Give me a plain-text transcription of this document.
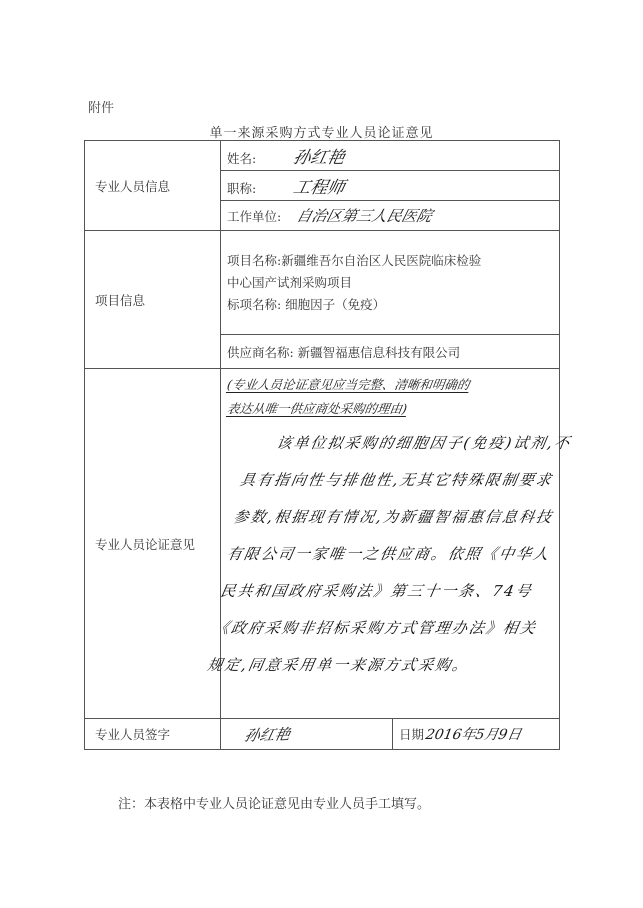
附件
单一来源采购方式专业人员论证意见
专业人员信息	姓名: 孙红艳
	职称: 工程师
	工作单位: 自治区第三人民医院
项目信息	项目名称:新疆维吾尔自治区人民医院临床检验
中心国产试剂采购项目
标项名称: 细胞因子（免疫）

	供应商名称: 新疆智福惠信息科技有限公司
专业人员论证意见	(专业人员论证意见应当完整、清晰和明确的
表达从唯一供应商处采购的理由)
该单位拟采购的细胞因子(免疫)试剂,不具有指向性与排他性,无其它特殊限制要求参数,根据现有情况,为新疆智福惠信息科技有限公司一家唯一之供应商。依照《中华人民共和国政府采购法》第三十一条、74号《政府采购非招标采购方式管理办法》相关规定,同意采用单一来源方式采购。

专业人员签字	孙红艳 日期 2016年5月9日
注：本表格中专业人员论证意见由专业人员手工填写。
